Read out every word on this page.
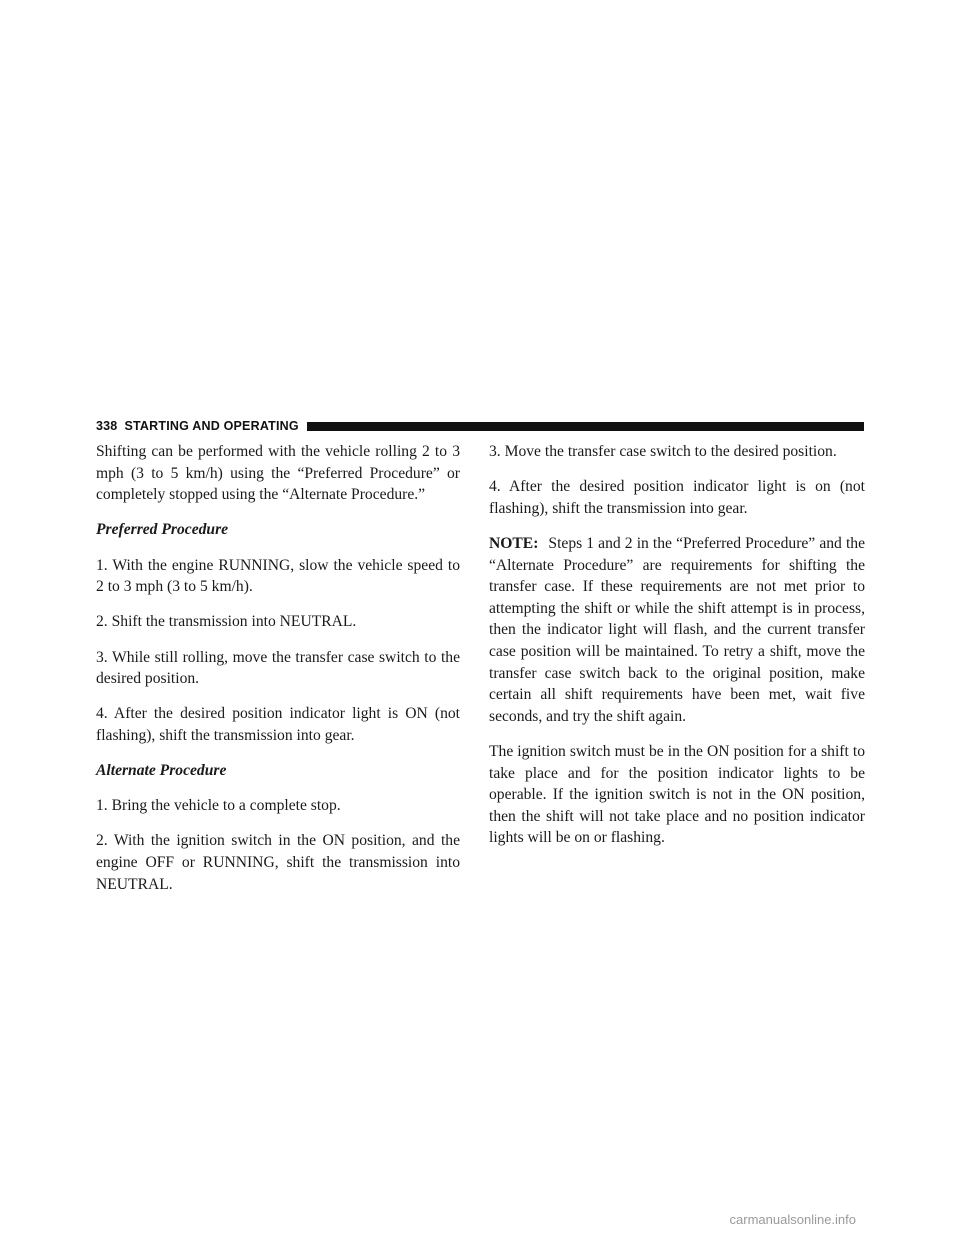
338 STARTING AND OPERATING

Shifting can be performed with the vehicle rolling 2 to 3 mph (3 to 5 km/h) using the “Preferred Procedure” or completely stopped using the “Alternate Procedure.”

Preferred Procedure

1. With the engine RUNNING, slow the vehicle speed to 2 to 3 mph (3 to 5 km/h).

2. Shift the transmission into NEUTRAL.

3. While still rolling, move the transfer case switch to the desired position.

4. After the desired position indicator light is ON (not flashing), shift the transmission into gear.

Alternate Procedure

1. Bring the vehicle to a complete stop.

2. With the ignition switch in the ON position, and the engine OFF or RUNNING, shift the transmission into NEUTRAL.

3. Move the transfer case switch to the desired position.

4. After the desired position indicator light is on (not flashing), shift the transmission into gear.

NOTE: Steps 1 and 2 in the “Preferred Procedure” and the “Alternate Procedure” are requirements for shifting the transfer case. If these requirements are not met prior to attempting the shift or while the shift attempt is in process, then the indicator light will flash, and the current transfer case position will be maintained. To retry a shift, move the transfer case switch back to the original position, make certain all shift requirements have been met, wait five seconds, and try the shift again.

The ignition switch must be in the ON position for a shift to take place and for the position indicator lights to be operable. If the ignition switch is not in the ON position, then the shift will not take place and no position indicator lights will be on or flashing.

carmanualsonline.info
